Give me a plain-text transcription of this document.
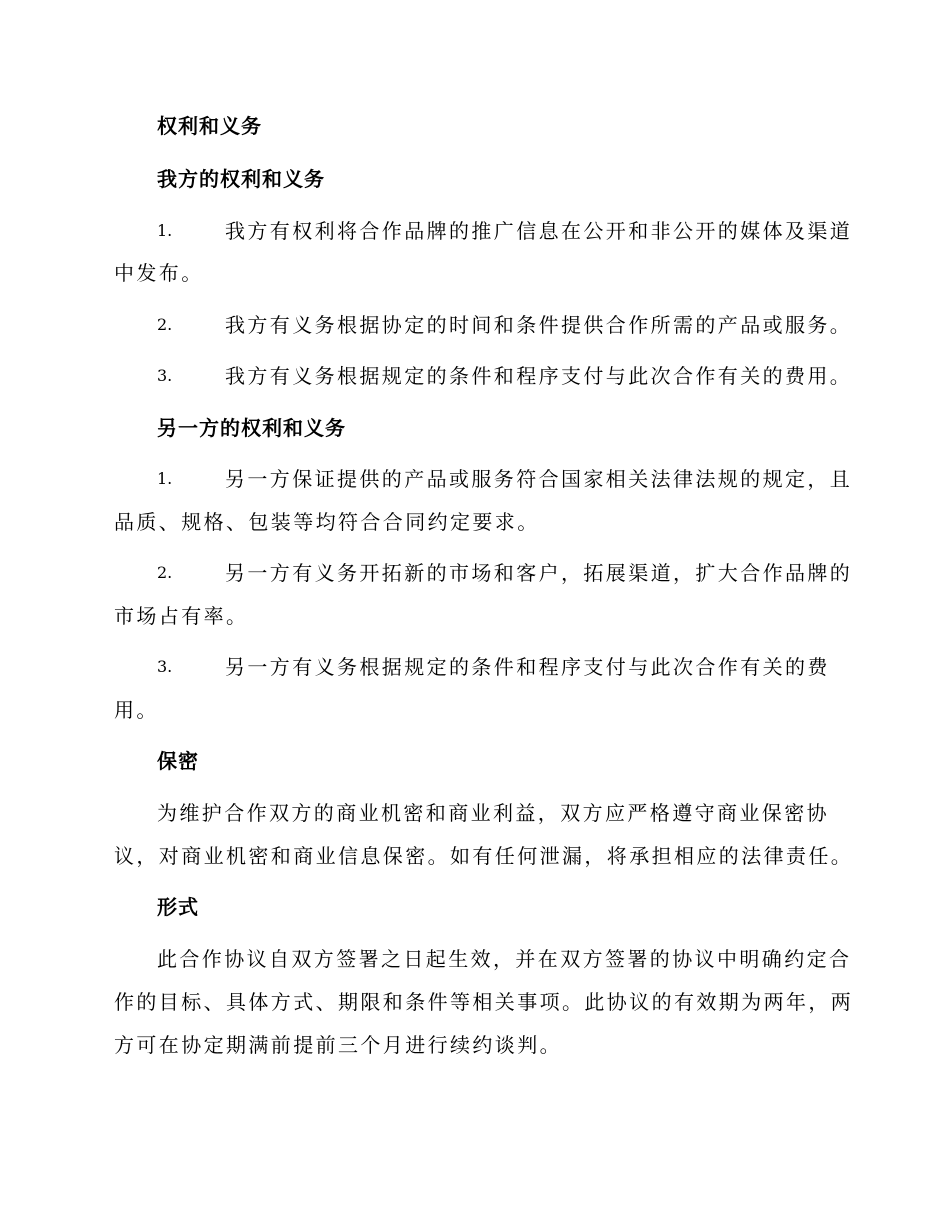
权利和义务
我方的权利和义务
1.	我方有权利将合作品牌的推广信息在公开和非公开的媒体及渠道
中发布。
2.	我方有义务根据协定的时间和条件提供合作所需的产品或服务。
3.	我方有义务根据规定的条件和程序支付与此次合作有关的费用。
另一方的权利和义务
1.	另一方保证提供的产品或服务符合国家相关法律法规的规定，且
品质、规格、包装等均符合合同约定要求。
2.	另一方有义务开拓新的市场和客户，拓展渠道，扩大合作品牌的
市场占有率。
3.	另一方有义务根据规定的条件和程序支付与此次合作有关的费
用。
保密
为维护合作双方的商业机密和商业利益，双方应严格遵守商业保密协
议，对商业机密和商业信息保密。如有任何泄漏，将承担相应的法律责任。
形式
此合作协议自双方签署之日起生效，并在双方签署的协议中明确约定合
作的目标、具体方式、期限和条件等相关事项。此协议的有效期为两年，两
方可在协定期满前提前三个月进行续约谈判。
